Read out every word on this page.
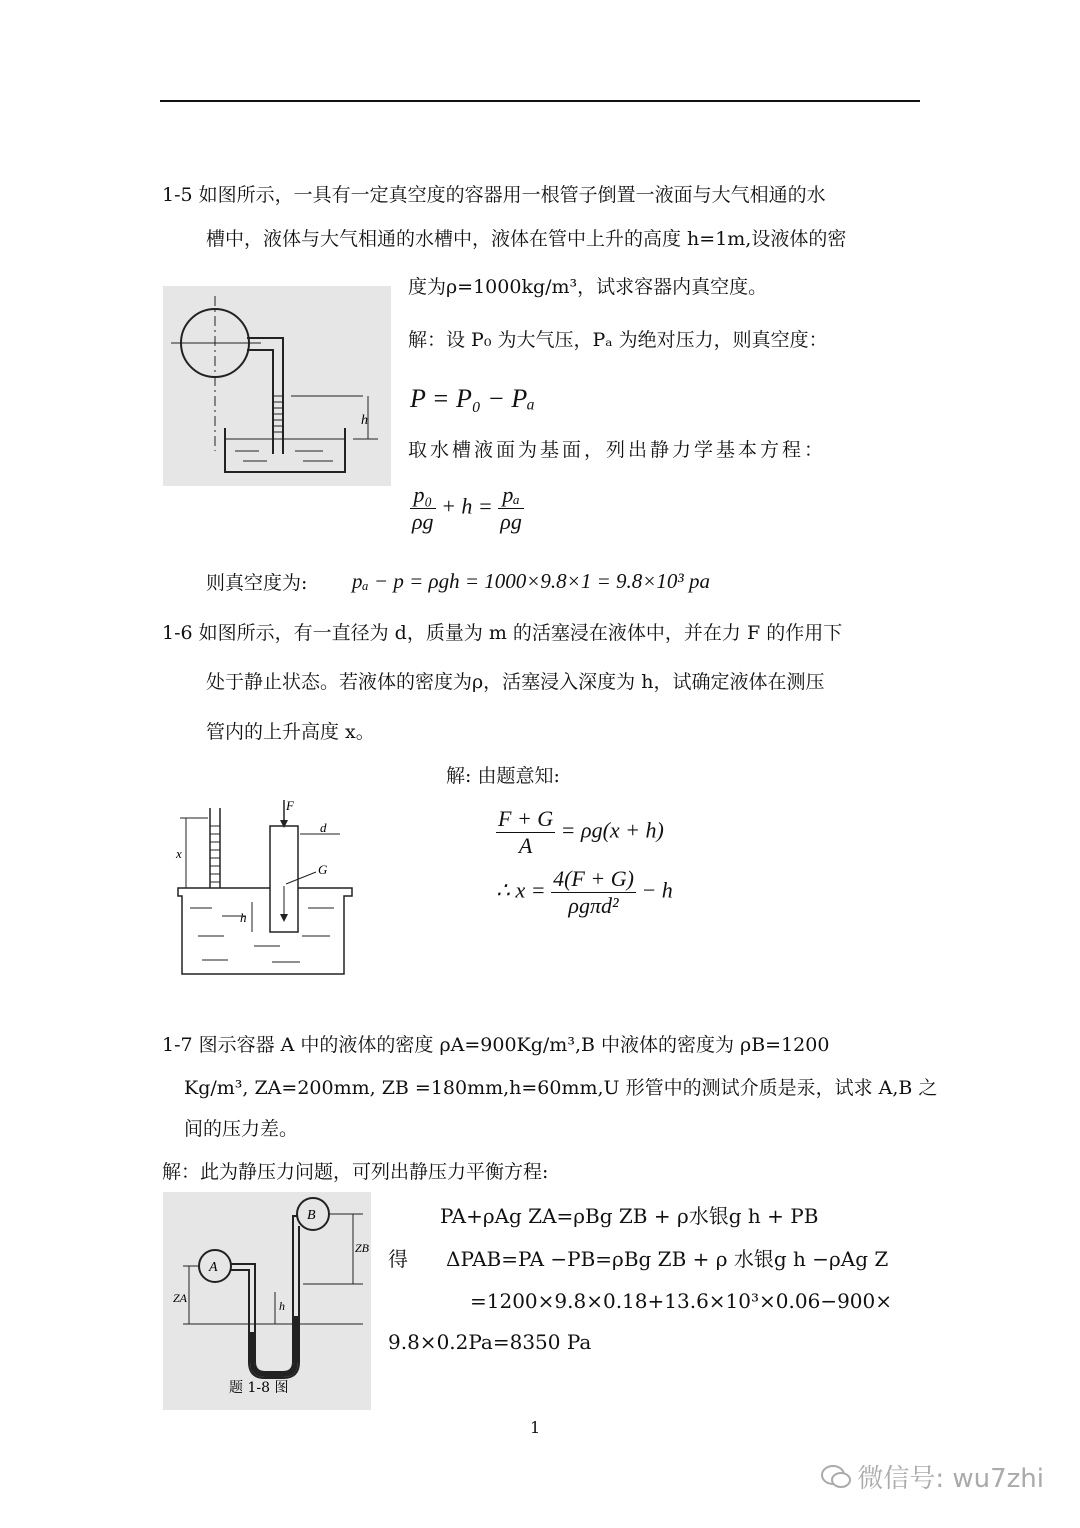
1-5 如图所示，一具有一定真空度的容器用一根管子倒置一液面与大气相通的水
槽中，液体与大气相通的水槽中，液体在管中上升的高度 h=1m,设液体的密
度为ρ=1000kg/m³，试求容器内真空度。
h
解：设 P₀ 为大气压，Pₐ 为绝对压力，则真空度：
P = P₀ − Pₐ
取水槽液面为基面，列出静力学基本方程：
$\frac{\text{p₀}}{\rho g} + h = \frac{\text{pₐ}}{\rho g}$
则真空度为: pₐ − p = ρgh = 1000×9.8×1 = 9.8×10³ pa
1-6 如图所示，有一直径为 d，质量为 m 的活塞浸在液体中，并在力 F 的作用下
处于静止状态。若液体的密度为ρ，活塞浸入深度为 h，试确定液体在测压
管内的上升高度 x。
解: 由题意知:
x
F
d
G
h
$\frac{F + G}{A} = \rho g(x + h)$
∴ $x = \frac{4(F + G)}{\text{ρgπd²}} - h$
1-7 图示容器 A 中的液体的密度 ρA=900Kg/m³,B 中液体的密度为 ρB=1200
Kg/m³, ZA=200mm, ZB =180mm,h=60mm,U 形管中的测试介质是汞，试求 A,B 之
间的压力差。
解：此为静压力问题，可列出静压力平衡方程:
A
B
ZA
ZB
h
题 1-8 图
PA+ρAg ZA=ρBg ZB + ρ水银g h + PB
得 ΔPAB=PA −PB=ρBg ZB + ρ 水银g h −ρAg Z
=1200×9.8×0.18+13.6×10³×0.06−900×
9.8×0.2Pa=8350 Pa
1
微信号: wu7zhi
